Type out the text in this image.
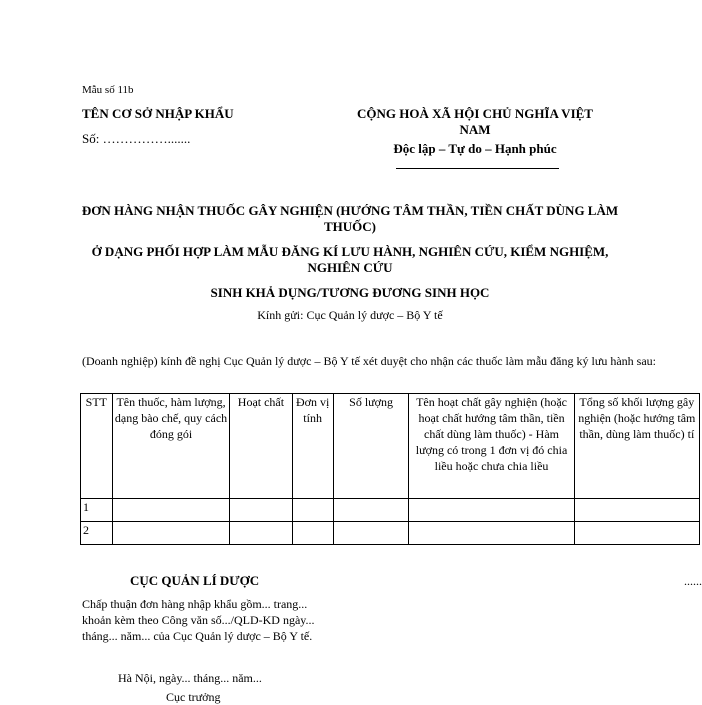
Mẫu số 11b
TÊN CƠ SỞ NHẬP KHẨU
Số: …………….......
CỘNG HOÀ XÃ HỘI CHỦ NGHĨA VIỆT NAM
Độc lập – Tự do – Hạnh phúc
ĐƠN HÀNG NHẬN THUỐC GÂY NGHIỆN (HƯỚNG TÂM THẦN, TIỀN CHẤT DÙNG LÀM THUỐC)
Ở DẠNG PHỐI HỢP LÀM MẪU ĐĂNG KÍ LƯU HÀNH, NGHIÊN CỨU, KIỂM NGHIỆM, NGHIÊN CỨU
SINH KHẢ DỤNG/TƯƠNG ĐƯƠNG SINH HỌC
Kính gửi: Cục Quản lý dược – Bộ Y tế
(Doanh nghiệp) kính đề nghị Cục Quản lý dược – Bộ Y tế xét duyệt cho nhận các thuốc làm mẫu đăng ký lưu hành sau:
STT	Tên thuốc, hàm lượng, dạng bào chế, quy cách đóng gói	Hoạt chất	Đơn vị tính	Số lượng	Tên hoạt chất gây nghiện (hoặc hoạt chất hướng tâm thần, tiền chất dùng làm thuốc) - Hàm lượng có trong 1 đơn vị đó chia liều hoặc chưa chia liều	Tổng số khối lượng gây nghiện (hoặc hướng tâm thần, dùng làm thuốc) tí
1						
2						
CỤC QUẢN LÍ DƯỢC	......
Chấp thuận đơn hàng nhập khẩu gồm... trang... khoản kèm theo Công văn số.../QLD-KD ngày... tháng... năm... của Cục Quản lý dược – Bộ Y tế.
Hà Nội, ngày... tháng... năm...
Cục trưởng
